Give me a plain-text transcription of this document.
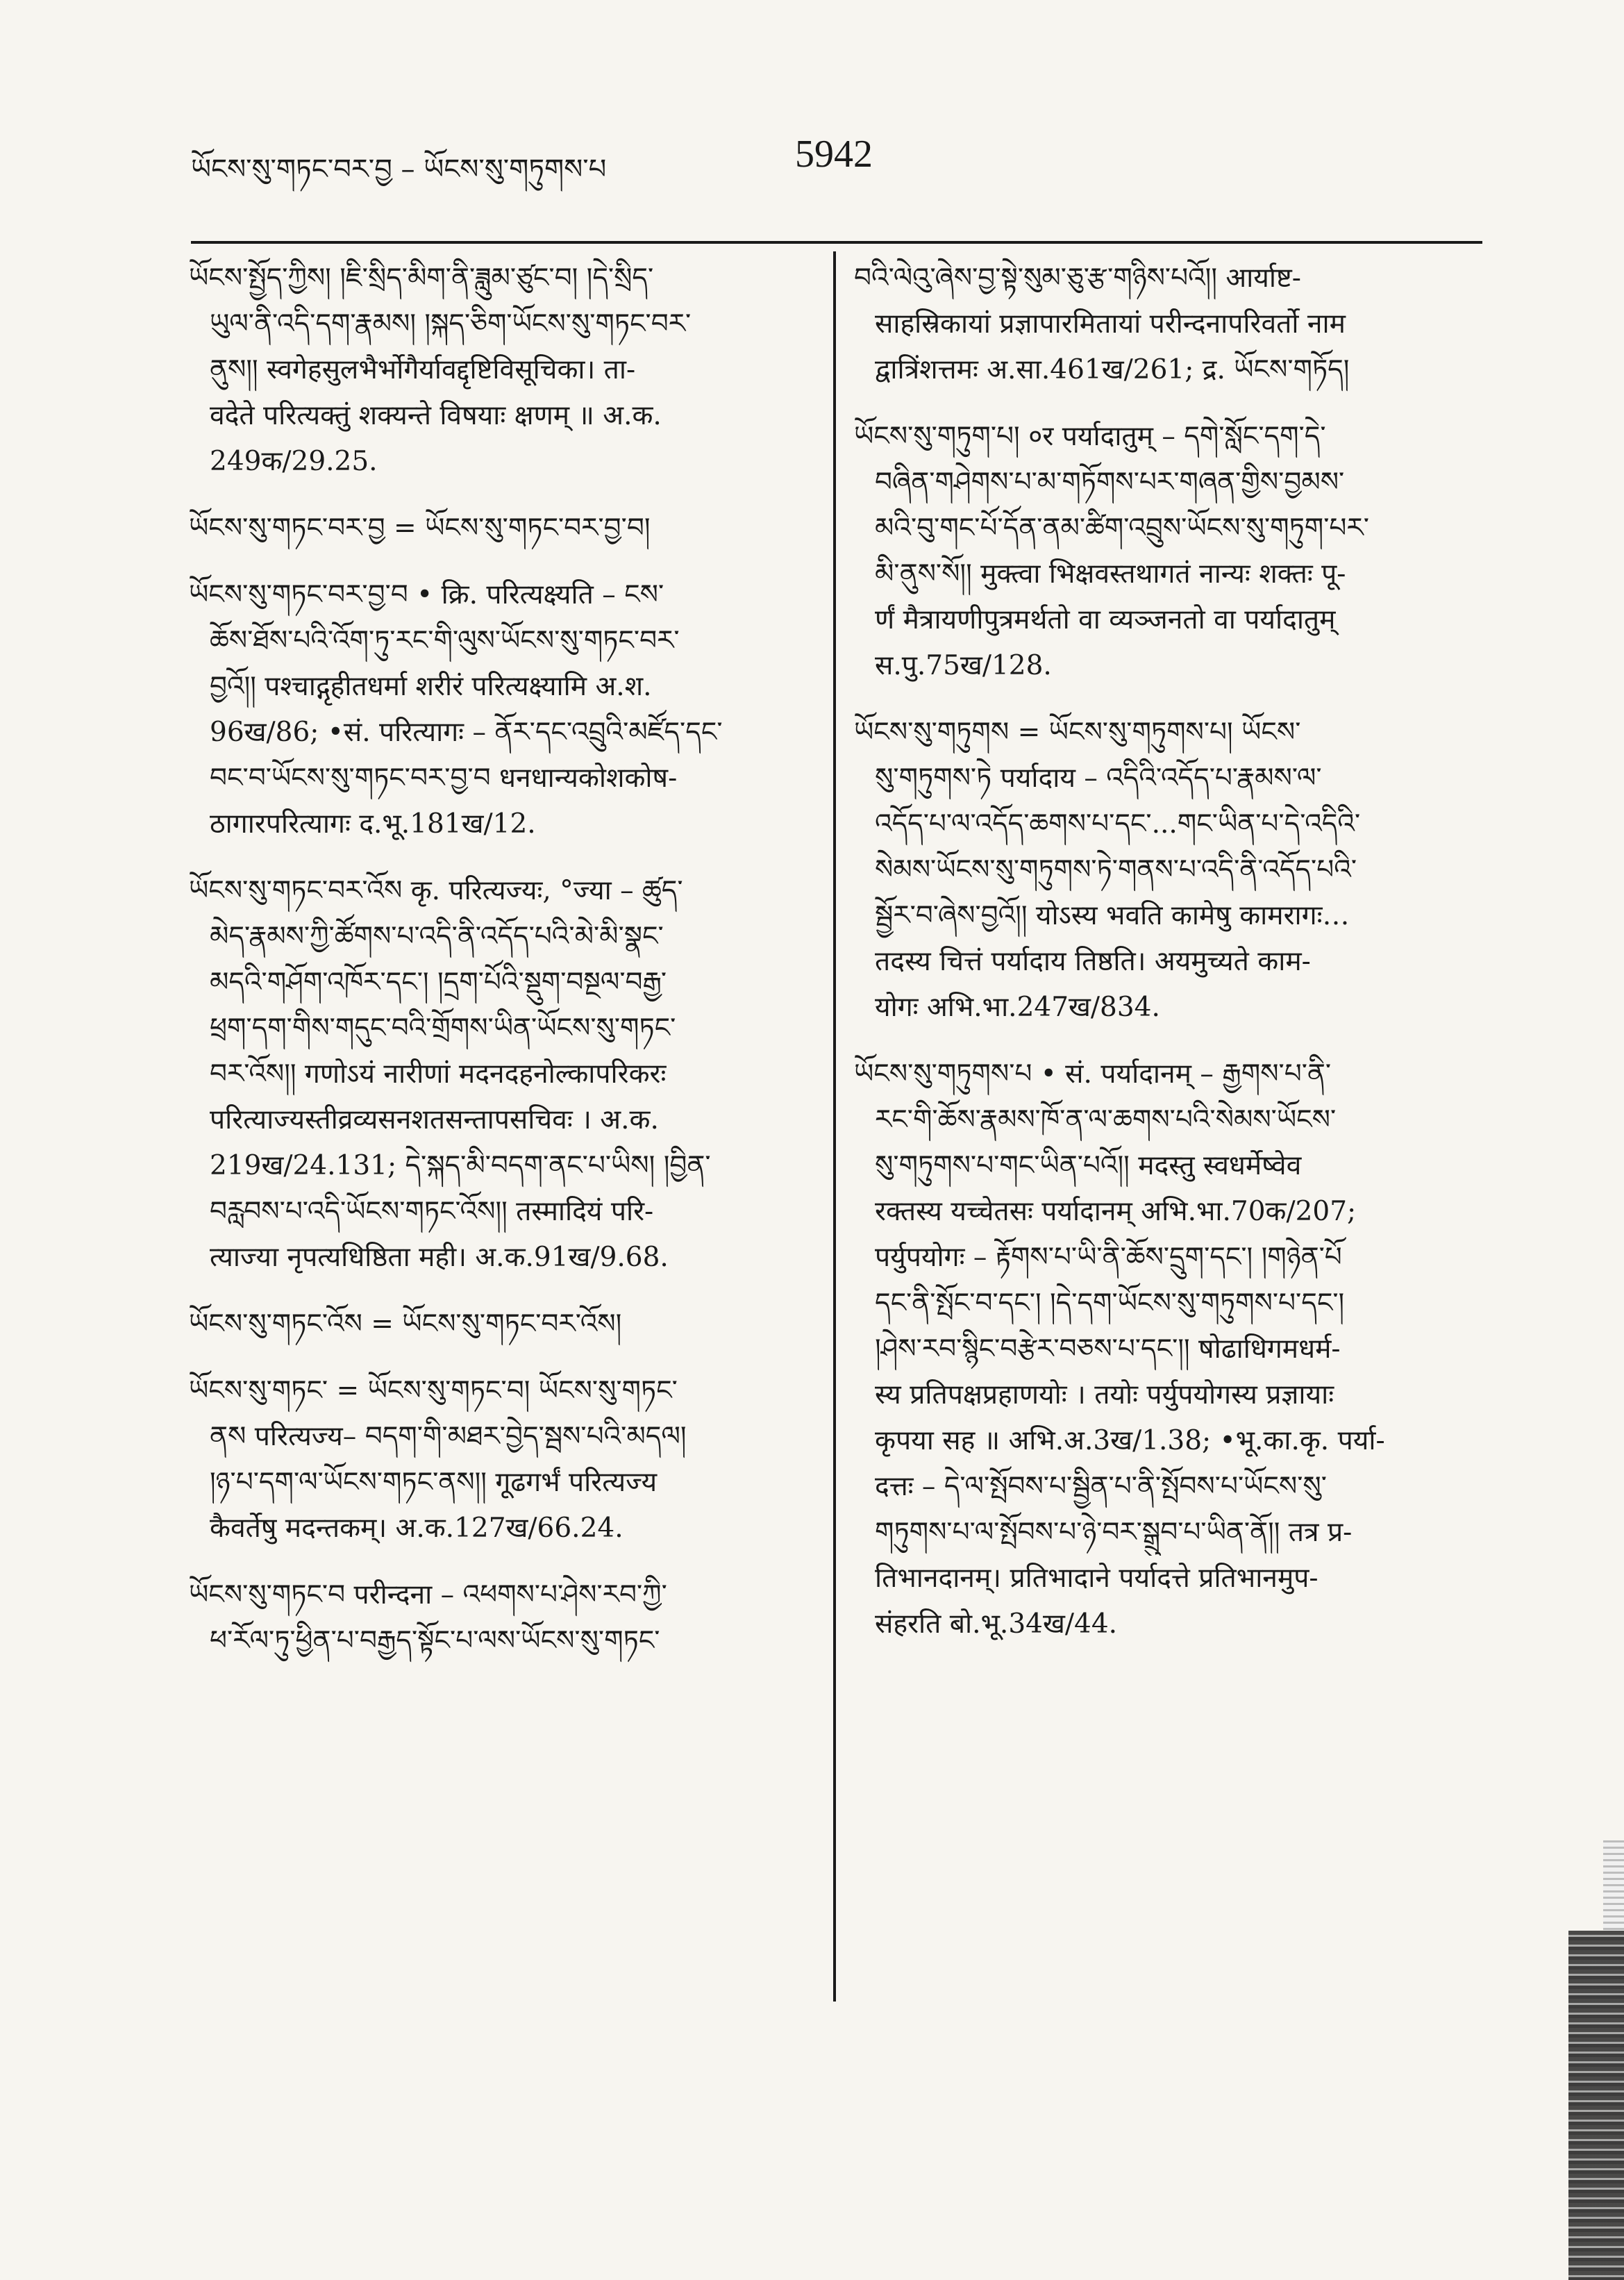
ཡོངས་སུ་གཏང་བར་བྱ – ཡོངས་སུ་གཏུགས་པ	5942
ཡོངས་སྤྱོད་ཀྱིས། །ཇི་སྲིད་མིག་ནི་ཟླུམ་ཙུང་བ། །དེ་སྲིད་
ཡུལ་ནི་འདི་དག་རྣམས། །སྐད་ཅིག་ཡོངས་སུ་གཏང་བར་
ནུས།། स्वगेहसुलभैर्भोगैर्यावद्दृष्टिविसूचिका। ता-
वदेते परित्यक्तुं शक्यन्ते विषयाः क्षणम् ॥ अ.क.
249क/29.25.
ཡོངས་སུ་གཏང་བར་བྱ = ཡོངས་སུ་གཏང་བར་བྱ་བ།
ཡོངས་སུ་གཏང་བར་བྱ་བ • क्रि. परित्यक्ष्यति – ངས་
ཆོས་ཐོས་པའི་འོག་ཏུ་རང་གི་ལུས་ཡོངས་སུ་གཏང་བར་
བྱའོ།། पश्चाद्गृहीतधर्मा शरीरं परित्यक्ष्यामि अ.श.
96ख/86; •सं. परित्यागः – ནོར་དང་འབྲུའི་མཛོད་དང་
བང་བ་ཡོངས་སུ་གཏང་བར་བྱ་བ धनधान्यकोशकोष-
ठागारपरित्यागः द.भू.181ख/12.
ཡོངས་སུ་གཏང་བར་འོས कृ. परित्यज्यः, °ज्या – ཚུད་
མེད་རྣམས་ཀྱི་ཚོགས་པ་འདི་ནི་འདོད་པའི་མེ་མི་སྣང་
མདའི་གཤོག་འཁོར་དང་། །དྲག་པོའི་སྡུག་བསྔལ་བརྒྱ་
ཕྲག་དག་གིས་གདུང་བའི་གྲོགས་ཡིན་ཡོངས་སུ་གཏང་
བར་འོས།། गणोऽयं नारीणां मदनदहनोल्कापरिकरः
परित्याज्यस्तीव्रव्यसनशतसन्तापसचिवः । अ.क.
219ख/24.131; དེ་སྐད་མི་བདག་ནང་པ་ཡིས། །བྱིན་
བརླབས་པ་འདི་ཡོངས་གཏང་འོས།། तस्मादियं परि-
त्याज्या नृपत्यधिष्ठिता मही। अ.क.91ख/9.68.
ཡོངས་སུ་གཏང་འོས = ཡོངས་སུ་གཏང་བར་འོས།
ཡོངས་སུ་གཏང་ = ཡོངས་སུ་གཏང་བ། ཡོངས་སུ་གཏང་
ནས परित्यज्य– བདག་གི་མཐར་བྱེད་སྦས་པའི་མདལ།
།ཉ་པ་དག་ལ་ཡོངས་གཏང་ནས།། गूढगर्भं परित्यज्य
कैवर्तेषु मदन्तकम्। अ.क.127ख/66.24.
ཡོངས་སུ་གཏང་བ परीन्दना – འཕགས་པ་ཤེས་རབ་ཀྱི་
ཕ་རོལ་ཏུ་ཕྱིན་པ་བརྒྱད་སྟོང་པ་ལས་ཡོངས་སུ་གཏང་
བའི་ལེའུ་ཞེས་བྱ་སྟེ་སུམ་ཅུ་རྩ་གཉིས་པའོ།། आर्याष्ट-
साहस्रिकायां प्रज्ञापारमितायां परीन्दनापरिवर्तो नाम
द्वात्रिंशत्तमः अ.सा.461ख/261; द्र. ཡོངས་གཏོད།
ཡོངས་སུ་གཏུག་པ། ०र पर्यादातुम् – དགེ་སློང་དག་དེ་
བཞིན་གཤེགས་པ་མ་གཏོགས་པར་གཞན་གྱིས་བྱམས་
མའི་བུ་གང་པོ་དོན་ནམ་ཚིག་འབྲུས་ཡོངས་སུ་གཏུག་པར་
མི་ནུས་སོ།། मुक्त्वा भिक्षवस्तथागतं नान्यः शक्तः पू-
र्णं मैत्रायणीपुत्रमर्थतो वा व्यञ्जनतो वा पर्यादातुम्
स.पु.75ख/128.
ཡོངས་སུ་གཏུགས = ཡོངས་སུ་གཏུགས་པ། ཡོངས་
སུ་གཏུགས་ཏེ पर्यादाय – འདིའི་འདོད་པ་རྣམས་ལ་
འདོད་པ་ལ་འདོད་ཆགས་པ་དང་...གང་ཡིན་པ་དེ་འདིའི་
སེམས་ཡོངས་སུ་གཏུགས་ཏེ་གནས་པ་འདི་ནི་འདོད་པའི་
སྦྱོར་བ་ཞེས་བྱའོ།། योऽस्य भवति कामेषु कामरागः…
तदस्य चित्तं पर्यादाय तिष्ठति। अयमुच्यते काम-
योगः अभि.भा.247ख/834.
ཡོངས་སུ་གཏུགས་པ • सं. पर्यादानम् – རྒྱགས་པ་ནི་
རང་གི་ཆོས་རྣམས་ཁོ་ན་ལ་ཆགས་པའི་སེམས་ཡོངས་
སུ་གཏུགས་པ་གང་ཡིན་པའོ།། मदस्तु स्वधर्मेष्वेव
रक्तस्य यच्चेतसः पर्यादानम् अभि.भा.70क/207;
पर्युपयोगः – རྟོགས་པ་ཡི་ནི་ཆོས་དྲུག་དང་། །གཉེན་པོ
དང་ནི་སྤོང་བ་དང་། །དེ་དག་ཡོངས་སུ་གཏུགས་པ་དང་།
།ཤེས་རབ་སྙིང་བརྩེར་བཅས་པ་དང་།། षोढाधिगमधर्म-
स्य प्रतिपक्षप्रहाणयोः । तयोः पर्युपयोगस्य प्रज्ञायाः
कृपया सह ॥ अभि.अ.3ख/1.38; •भू.का.कृ. पर्या-
दत्तः – དེ་ལ་སྤོབས་པ་སྦྱིན་པ་ནི་སྤོབས་པ་ཡོངས་སུ་
གཏུགས་པ་ལ་སྤོབས་པ་ཉེ་བར་སྒྲུབ་པ་ཡིན་ནོ།། तत्र प्र-
तिभानदानम्। प्रतिभादाने पर्यादत्ते प्रतिभानमुप-
संहरति बो.भू.34ख/44.
